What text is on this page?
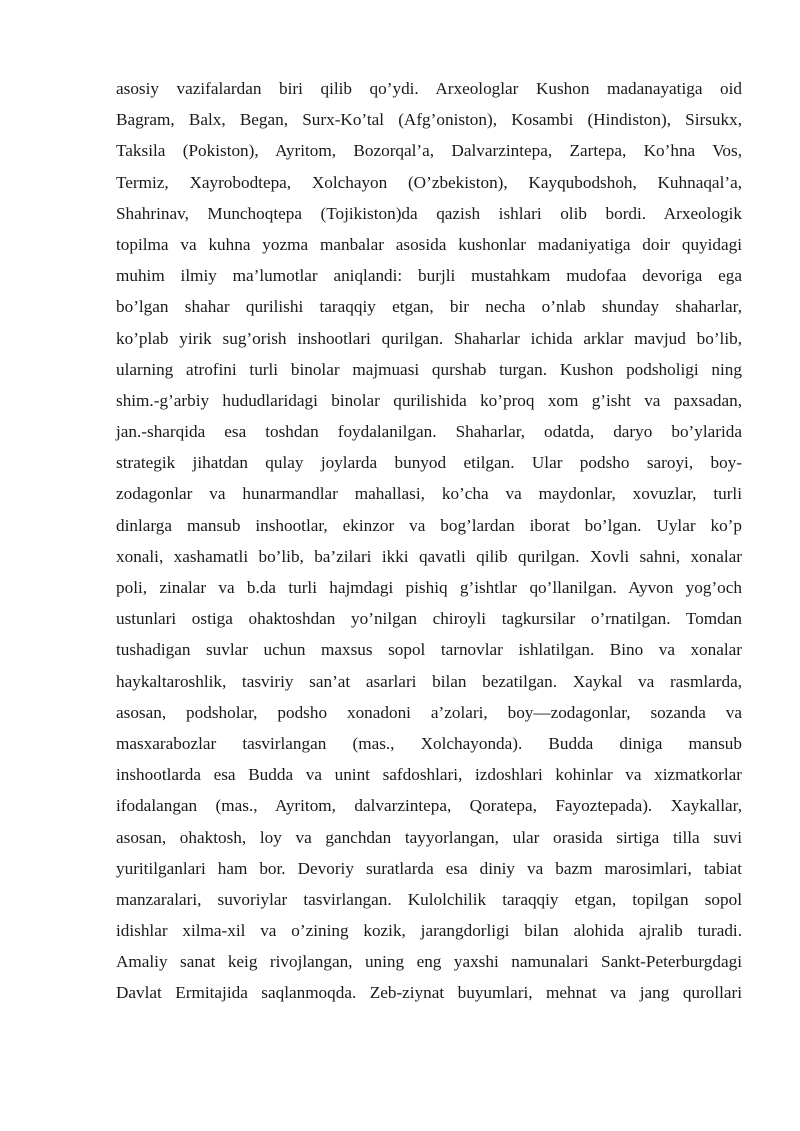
asosiy vazifalardan biri qilib qo’ydi. Arxeologlar Kushon madanayatiga oid
Bagram, Balx, Began, Surx-Ko’tal (Afg’oniston), Kosambi (Hindiston), Sirsukx,
Taksila (Pokiston), Ayritom, Bozorqal’a, Dalvarzintepa, Zartepa, Ko’hna Vos,
Termiz, Xayrobodtepa, Xolchayon (O’zbekiston), Kayqubodshoh, Kuhnaqal’a,
Shahrinav, Munchoqtepa (Tojikiston)da qazish ishlari olib bordi. Arxeologik
topilma va kuhna yozma manbalar asosida kushonlar madaniyatiga doir quyidagi
muhim ilmiy ma’lumotlar aniqlandi: burjli mustahkam mudofaa devoriga ega
bo’lgan shahar qurilishi taraqqiy etgan, bir necha o’nlab shunday shaharlar,
ko’plab yirik sug’orish inshootlari qurilgan. Shaharlar ichida arklar mavjud bo’lib,
ularning atrofini turli binolar majmuasi qurshab turgan. Kushon podsholigi ning
shim.-g’arbiy hududlaridagi binolar qurilishida ko’proq xom g’isht va paxsadan,
jan.-sharqida esa toshdan foydalanilgan. Shaharlar, odatda, daryo bo’ylarida
strategik jihatdan qulay joylarda bunyod etilgan. Ular podsho saroyi, boy-
zodagonlar va hunarmandlar mahallasi, ko’cha va maydonlar, xovuzlar, turli
dinlarga mansub inshootlar, ekinzor va bog’lardan iborat bo’lgan. Uylar ko’p
xonali, xashamatli bo’lib, ba’zilari ikki qavatli qilib qurilgan. Xovli sahni, xonalar
poli, zinalar va b.da turli hajmdagi pishiq g’ishtlar qo’llanilgan. Ayvon yog’och
ustunlari ostiga ohaktoshdan yo’nilgan chiroyli tagkursilar o’rnatilgan. Tomdan
tushadigan suvlar uchun maxsus sopol tarnovlar ishlatilgan. Bino va xonalar
haykaltaroshlik, tasviriy san’at asarlari bilan bezatilgan. Xaykal va rasmlarda,
asosan, podsholar, podsho xonadoni a’zolari, boy—zodagonlar, sozanda va
masxarabozlar tasvirlangan (mas., Xolchayonda). Budda diniga mansub
inshootlarda esa Budda va unint safdoshlari, izdoshlari kohinlar va xizmatkorlar
ifodalangan (mas., Ayritom, dalvarzintepa, Qoratepa, Fayoztepada). Xaykallar,
asosan, ohaktosh, loy va ganchdan tayyorlangan, ular orasida sirtiga tilla suvi
yuritilganlari ham bor. Devoriy suratlarda esa diniy va bazm marosimlari, tabiat
manzaralari, suvoriylar tasvirlangan. Kulolchilik taraqqiy etgan, topilgan sopol
idishlar xilma-xil va o’zining kozik, jarangdorligi bilan alohida ajralib turadi.
Amaliy sanat keig rivojlangan, uning eng yaxshi namunalari Sankt-Peterburgdagi
Davlat Ermitajida saqlanmoqda. Zeb-ziynat buyumlari, mehnat va jang qurollari
